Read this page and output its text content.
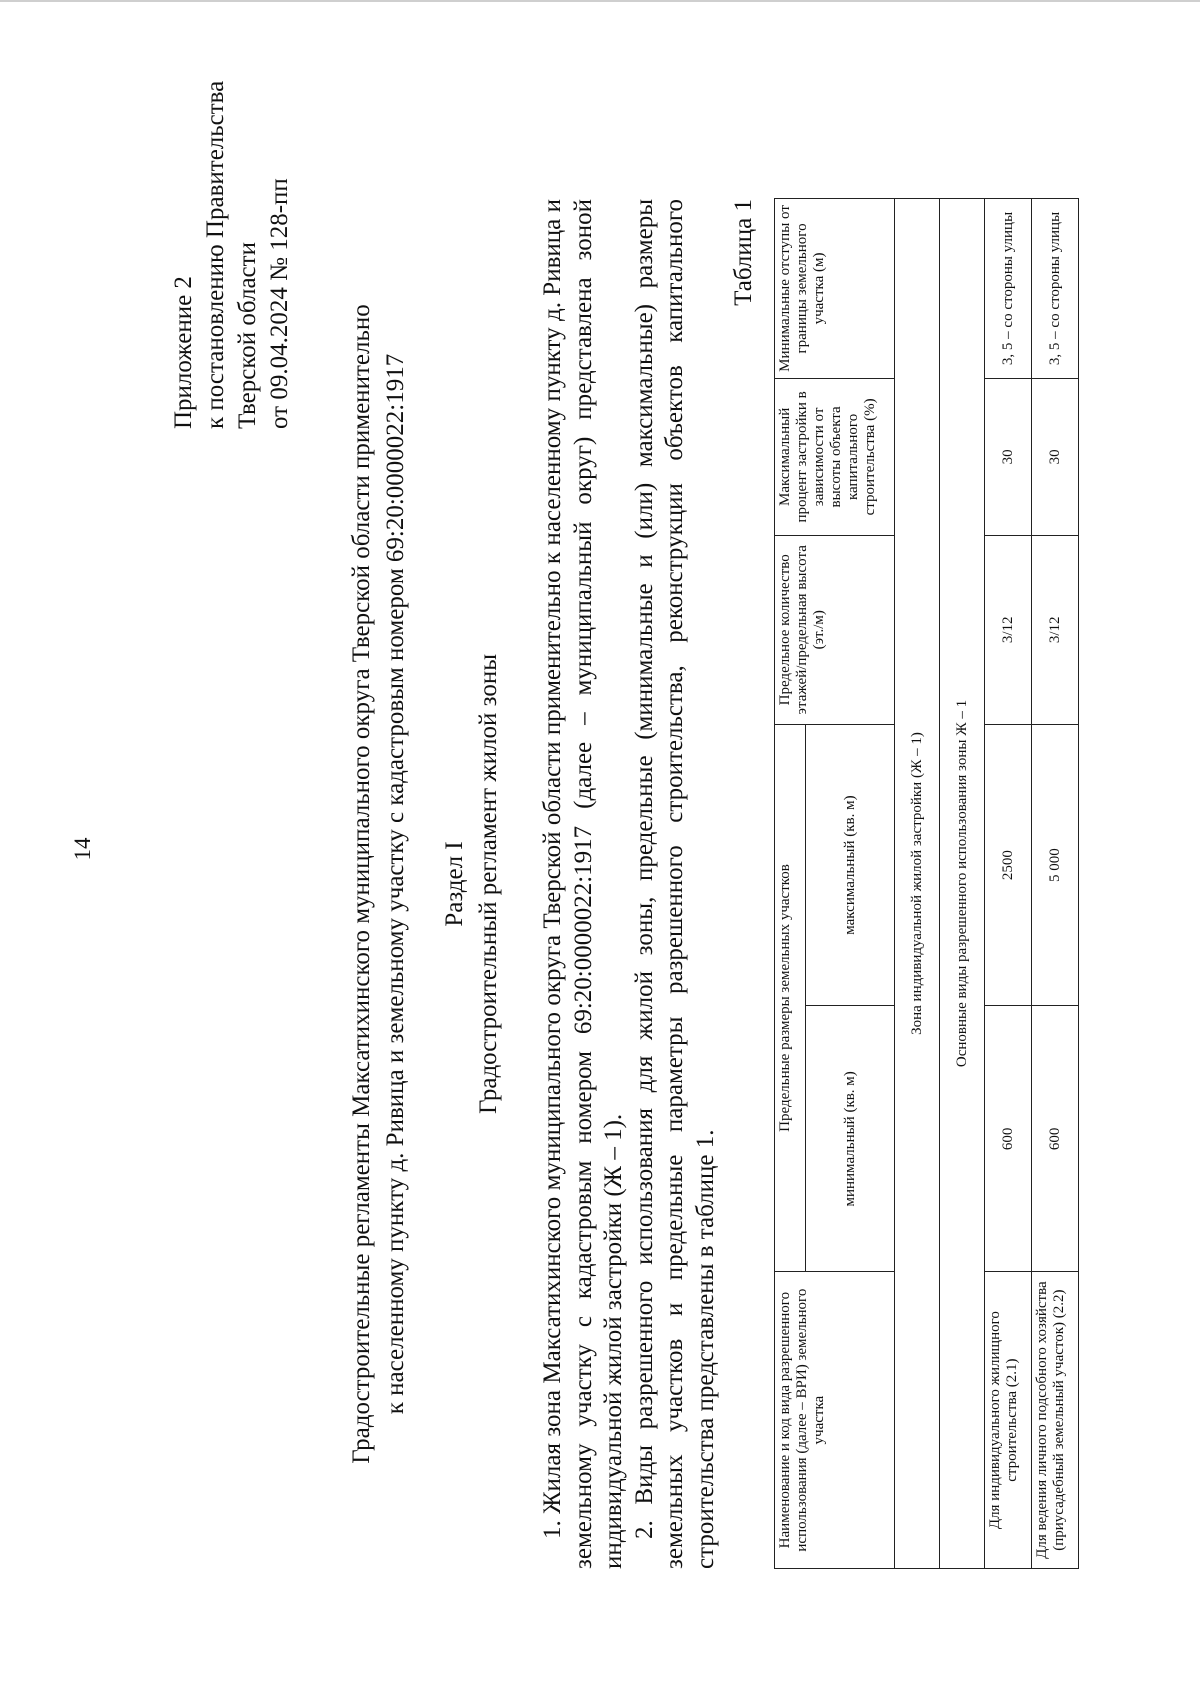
14
Приложение 2 к постановлению Правительства Тверской области от 09.04.2024 № 128-пп
Градостроительные регламенты Максатихинского муниципального округа Тверской области применительно к населенному пункту д. Ривица и земельному участку с кадастровым номером 69:20:0000022:1917 Раздел I Градостроительный регламент жилой зоны 1. Жилая зона Максатихинского муниципального округа Тверской области применительно к населенному пункту д. Ривица и земельному участку с кадастровым номером 69:20:0000022:1917 (далее – муниципальный округ) представлена зоной индивидуальной жилой застройки (Ж – 1). 2. Виды разрешенного использования для жилой зоны, предельные (минимальные и (или) максимальные) размеры земельных участков и предельные параметры разрешенного строительства, реконструкции объектов капитального строительства представлены в таблице 1.

Таблица 1
Наименование и код вида разрешенного использования (далее – ВРИ) земельного участка	Предельные размеры земельных участков		Предельное количество этажей/предельная высота (эт./м)	Максимальный процент застройки в зависимости от высоты объекта капитального строительства (%)	Минимальные отступы от границы земельного участка (м)
	минимальный (кв. м)	максимальный (кв. м)			
Зона индивидуальной жилой застройки (Ж – 1)					
Основные виды разрешенного использования зоны Ж – 1					
Для индивидуального жилищного строительства (2.1)	600	2500	3/12	30	3, 5 – со стороны улицы
Для ведения личного подсобного хозяйства (приусадебный земельный участок) (2.2)	600	5 000	3/12	30	3, 5 – со стороны улицы
